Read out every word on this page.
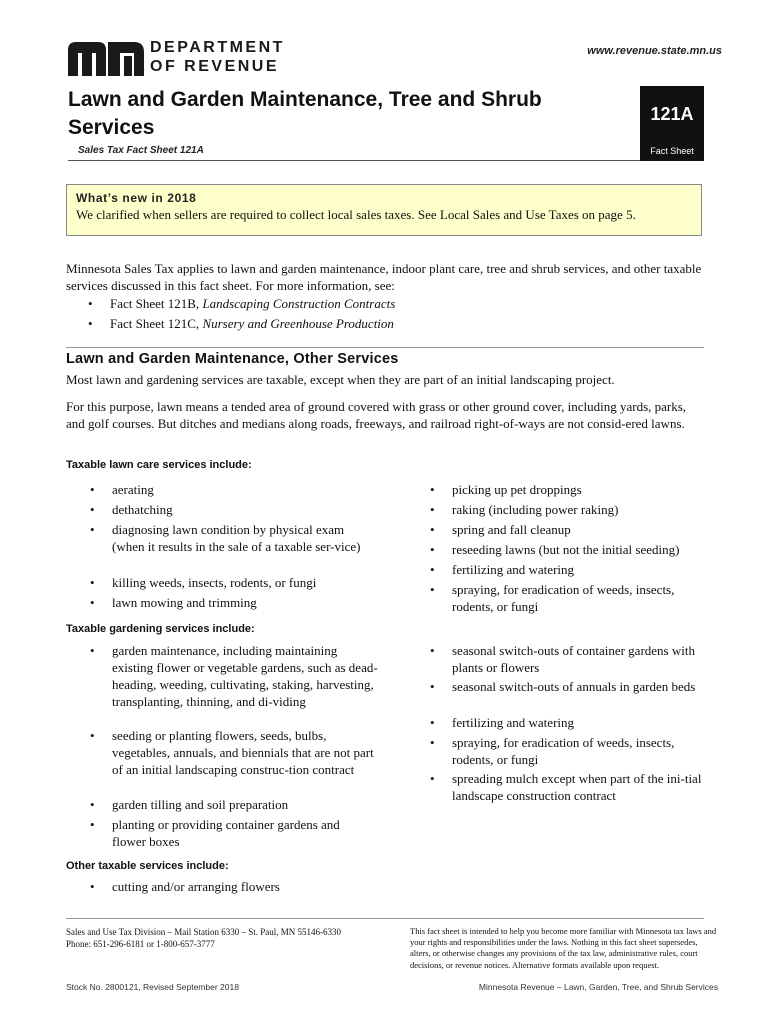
DEPARTMENT
OF REVENUE
www.revenue.state.mn.us
Lawn and Garden Maintenance, Tree and Shrub Services
121A
Sales Tax Fact Sheet 121A	Fact Sheet
What’s new in 2018
We clarified when sellers are required to collect local sales taxes. See Local Sales and Use Taxes on page 5.
Minnesota Sales Tax applies to lawn and garden maintenance, indoor plant care, tree and shrub services, and other taxable services discussed in this fact sheet. For more information, see:
• Fact Sheet 121B, Landscaping Construction Contracts
• Fact Sheet 121C, Nursery and Greenhouse Production
Lawn and Garden Maintenance, Other Services
Most lawn and gardening services are taxable, except when they are part of an initial landscaping project.
For this purpose, lawn means a tended area of ground covered with grass or other ground cover, including yards, parks, and golf courses. But ditches and medians along roads, freeways, and railroad right-of-ways are not consid-ered lawns.
Taxable lawn care services include:
• aerating
• dethatching
• diagnosing lawn condition by physical exam (when it results in the sale of a taxable ser-vice)
• killing weeds, insects, rodents, or fungi
• lawn mowing and trimming
• picking up pet droppings
• raking (including power raking)
• spring and fall cleanup
• reseeding lawns (but not the initial seeding)
• fertilizing and watering
• spraying, for eradication of weeds, insects, rodents, or fungi
Taxable gardening services include:
• garden maintenance, including maintaining existing flower or vegetable gardens, such as dead-heading, weeding, cultivating, staking, harvesting, transplanting, thinning, and di-viding
• seeding or planting flowers, seeds, bulbs, vegetables, annuals, and biennials that are not part of an initial landscaping construc-tion contract
• garden tilling and soil preparation
• planting or providing container gardens and flower boxes
• seasonal switch-outs of container gardens with plants or flowers
• seasonal switch-outs of annuals in garden beds
• fertilizing and watering
• spraying, for eradication of weeds, insects, rodents, or fungi
• spreading mulch except when part of the ini-tial landscape construction contract
Other taxable services include:
• cutting and/or arranging flowers
Sales and Use Tax Division – Mail Station 6330 – St. Paul, MN 55146-6330
Phone: 651-296-6181 or 1-800-657-3777
This fact sheet is intended to help you become more familiar with Minnesota tax laws and your rights and responsibilities under the laws. Nothing in this fact sheet supersedes, alters, or otherwise changes any provisions of the tax law, administrative rules, court decisions, or revenue notices. Alternative formats available upon request.
Stock No. 2800121, Revised September 2018	Minnesota Revenue – Lawn, Garden, Tree, and Shrub Services
